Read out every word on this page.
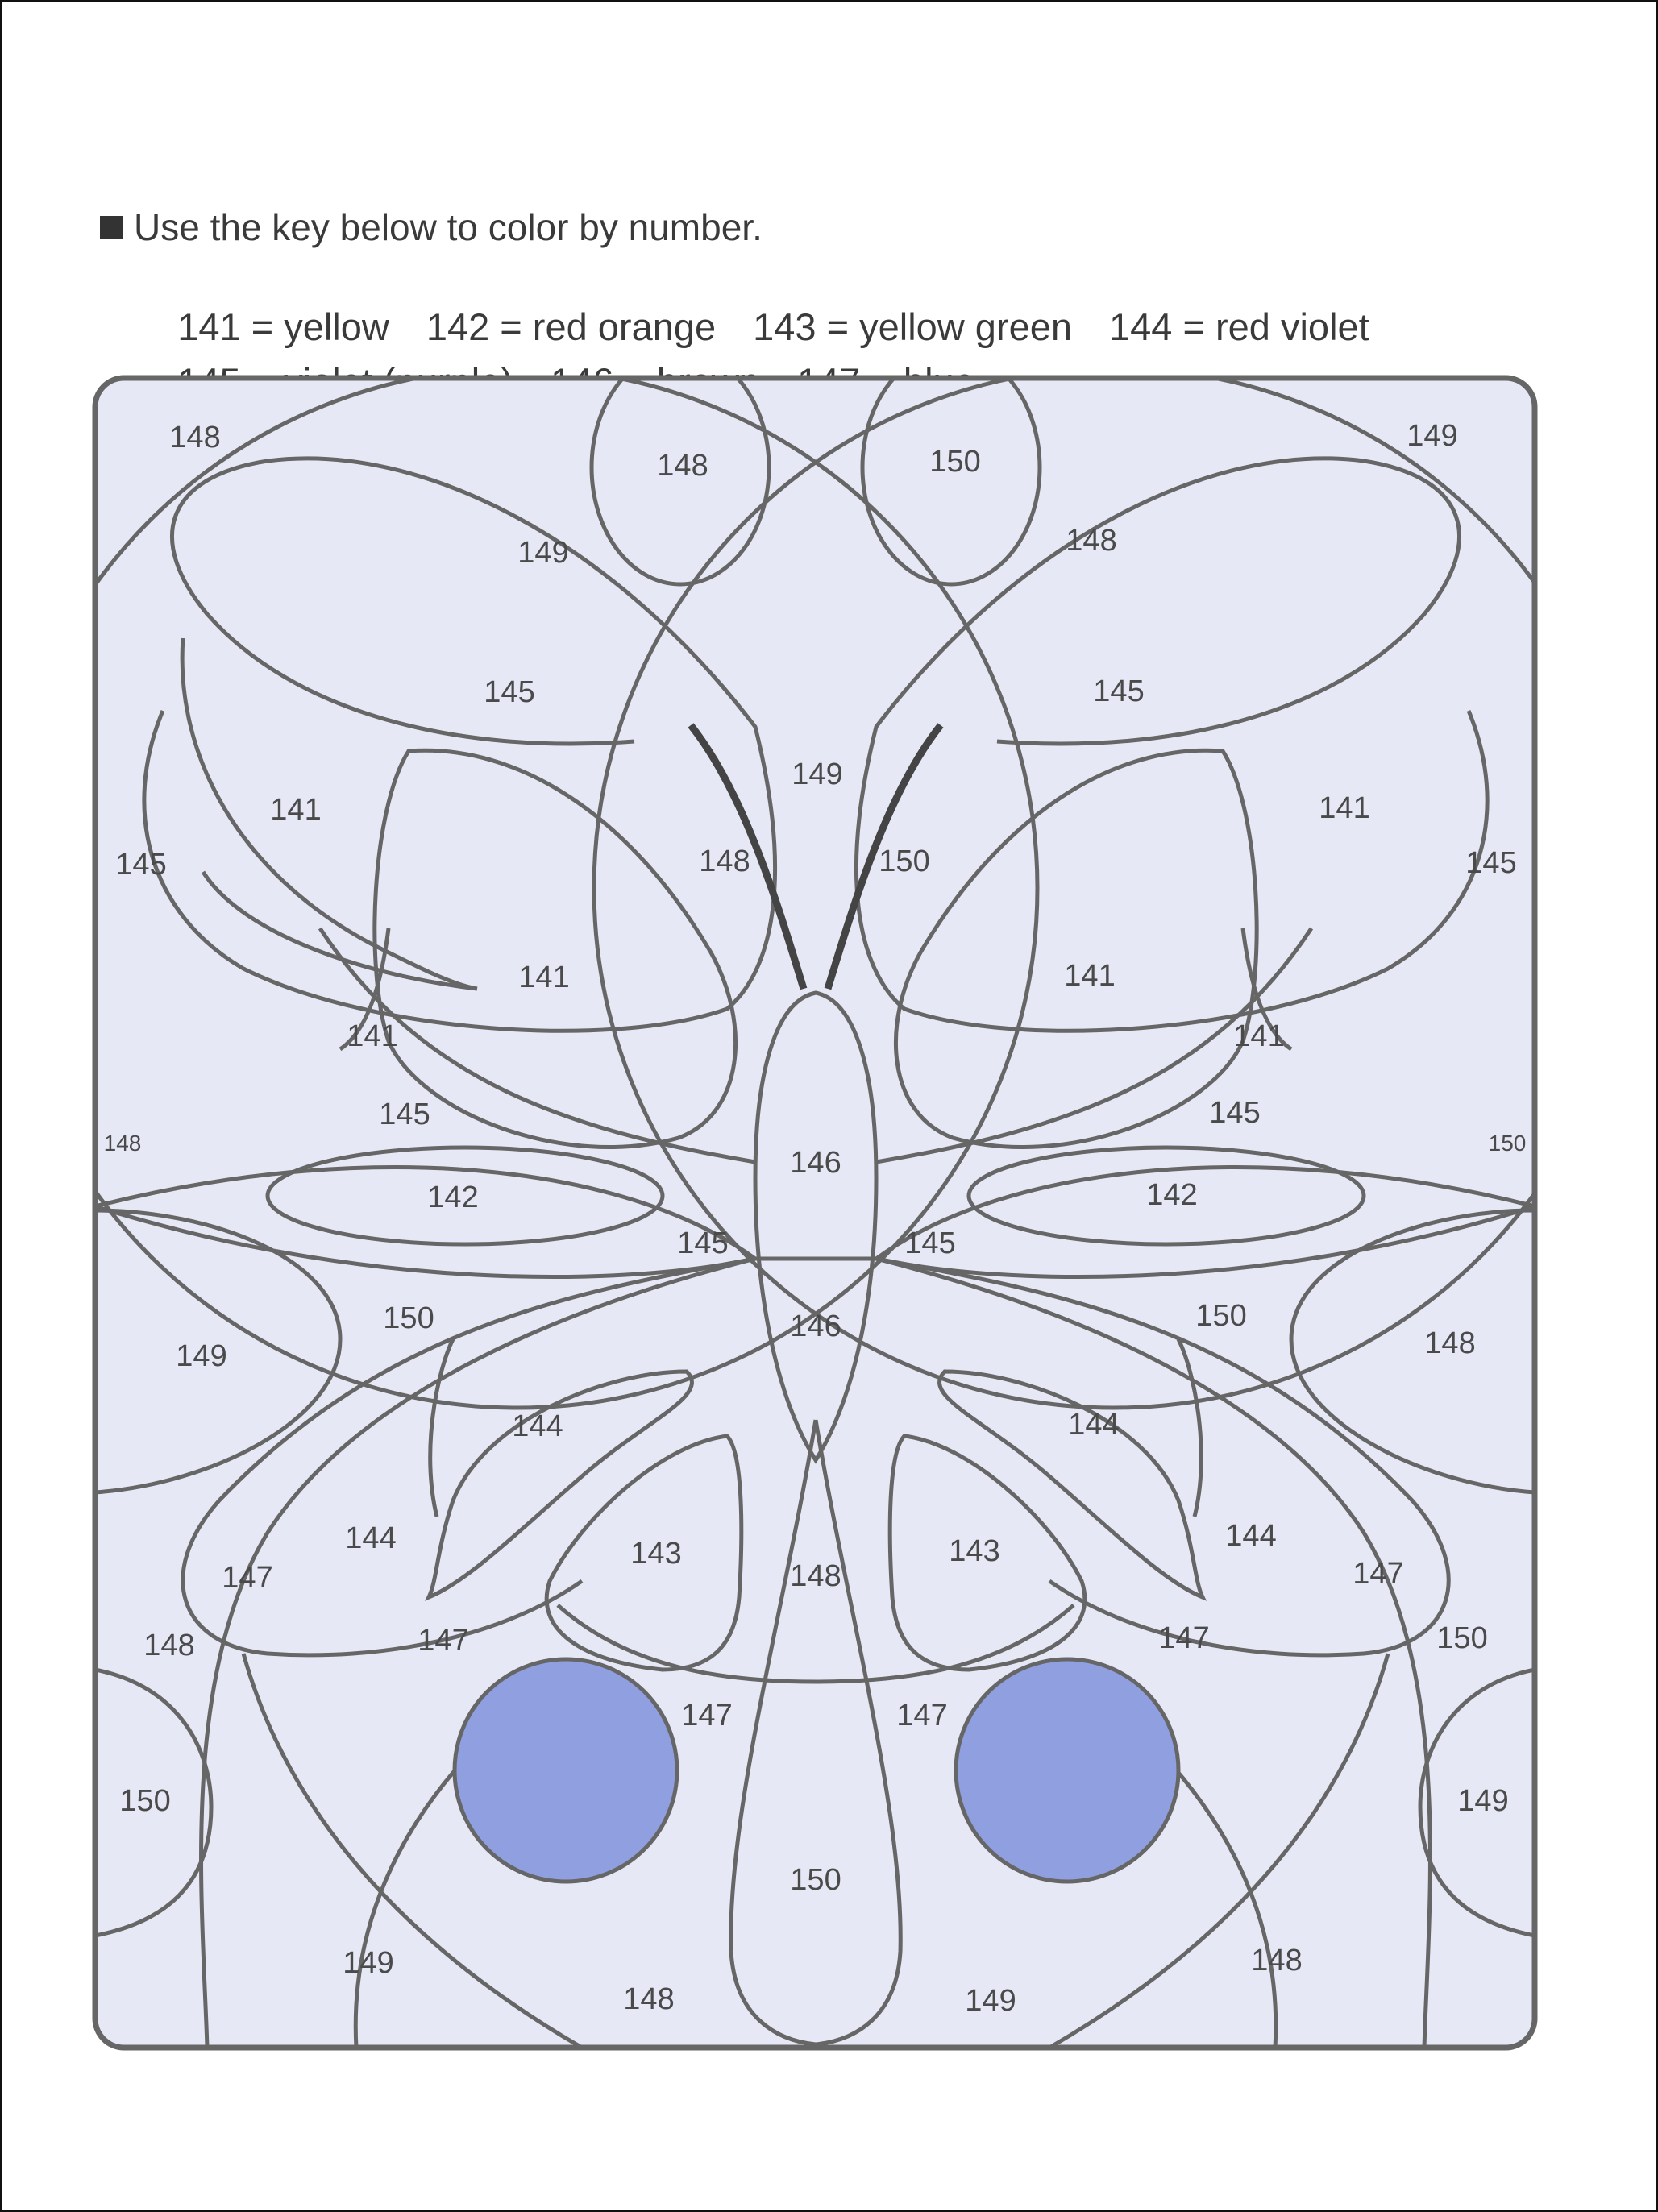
Use the key below to color by number.

141 = yellow 142 = red orange 143 = yellow green 144 = red violet

148
148	150
149
149	148
145	145
149
141	141
145	145
148	150
141	141
141	141
145	145
148	150
146
142	142
145	145
150	150
146
149	148
144	144
144	144
143	143
147	147
148
148	147	147	150
147	147
150	149
150
149	148
149
148
